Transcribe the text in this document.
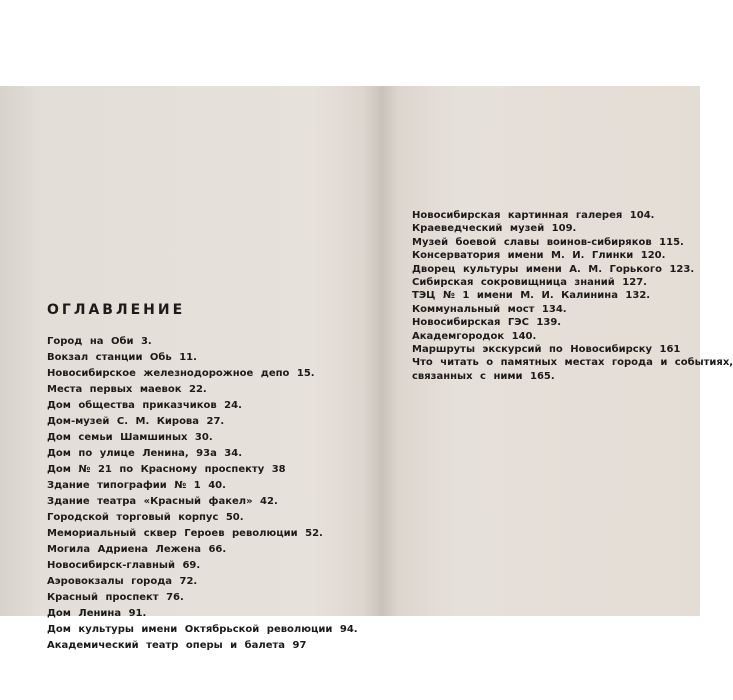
ОГЛАВЛЕНИЕ
Город на Оби 3.
Вокзал станции Обь 11.
Новосибирское железнодорожное депо 15.
Места первых маевок 22.
Дом общества приказчиков 24.
Дом-музей С. М. Кирова 27.
Дом семьи Шамшиных 30.
Дом по улице Ленина, 93а 34.
Дом № 21 по Красному проспекту 38
Здание типографии № 1 40.
Здание театра «Красный факел» 42.
Городской торговый корпус 50.
Мемориальный сквер Героев революции 52.
Могила Адриена Лежена 66.
Новосибирск-главный 69.
Аэровокзалы города 72.
Красный проспект 76.
Дом Ленина 91.
Дом культуры имени Октябрьской революции 94.
Академический театр оперы и балета 97
Новосибирская картинная галерея 104.
Краеведческий музей 109.
Музей боевой славы воинов-сибиряков 115.
Консерватория имени М. И. Глинки 120.
Дворец культуры имени А. М. Горького 123.
Сибирская сокровищница знаний 127.
ТЭЦ № 1 имени М. И. Калинина 132.
Коммунальный мост 134.
Новосибирская ГЭС 139.
Академгородок 140.
Маршруты экскурсий по Новосибирску 161
Что читать о памятных местах города и событиях,
связанных с ними 165.
